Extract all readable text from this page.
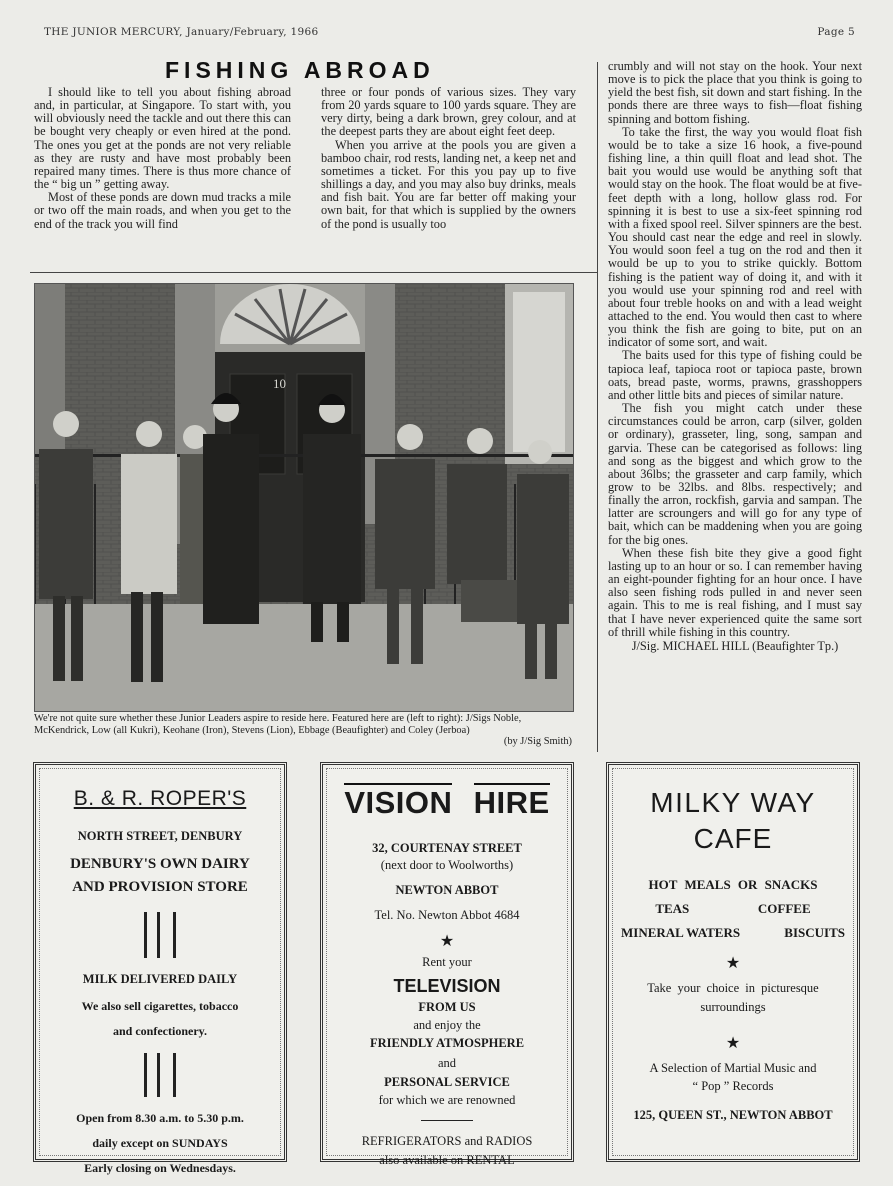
THE JUNIOR MERCURY, January/February, 1966	Page 5
FISHING ABROAD

I should like to tell you about fishing abroad and, in particular, at Singapore. To start with, you will obviously need the tackle and out there this can be bought very cheaply or even hired at the pond. The ones you get at the ponds are not very reliable as they are rusty and have most probably been repaired many times. There is thus more chance of the “ big un ” getting away.

Most of these ponds are down mud tracks a mile or two off the main roads, and when you get to the end of the track you will find

three or four ponds of various sizes. They vary from 20 yards square to 100 yards square. They are very dirty, being a dark brown, grey colour, and at the deepest parts they are about eight feet deep.

When you arrive at the pools you are given a bamboo chair, rod rests, landing net, a keep net and sometimes a ticket. For this you pay up to five shillings a day, and you may also buy drinks, meals and fish bait. You are far better off making your own bait, for that which is supplied by the owners of the pond is usually too

crumbly and will not stay on the hook. Your next move is to pick the place that you think is going to yield the best fish, sit down and start fishing. In the ponds there are three ways to fish—float fishing spinning and bottom fishing.

To take the first, the way you would float fish would be to take a size 16 hook, a five-pound fishing line, a thin quill float and lead shot. The bait you would use would be anything soft that would stay on the hook. The float would be at five-feet depth with a long, hollow glass rod. For spinning it is best to use a six-feet spinning rod with a fixed spool reel. Silver spinners are the best. You should cast near the edge and reel in slowly. You would soon feel a tug on the rod and then it would be up to you to strike quickly. Bottom fishing is the patient way of doing it, and with it you would use your spinning rod and reel with about four treble hooks on and with a lead weight attached to the end. You would then cast to where you think the fish are going to bite, put on an indicator of some sort, and wait.

The baits used for this type of fishing could be tapioca leaf, tapioca root or tapioca paste, brown oats, bread paste, worms, prawns, grasshoppers and other little bits and pieces of similar nature.

The fish you might catch under these circumstances could be arron, carp (silver, golden or ordinary), grasseter, ling, song, sampan and garvia. These can be categorised as follows: ling and song as the biggest and which grow to the about 36lbs; the grasseter and carp family, which grow to be 32lbs. and 8lbs. respectively; and finally the arron, rockfish, garvia and sampan. The latter are scroungers and will go for any type of bait, which can be maddening when you are going for the big ones.

When these fish bite they give a good fight lasting up to an hour or so. I can remember having an eight-pounder fighting for an hour once. I have also seen fishing rods pulled in and never seen again. This to me is real fishing, and I must say that I have never experienced quite the same sort of thrill while fishing in this country.

J/Sig. MICHAEL HILL (Beaufighter Tp.)
10
We're not quite sure whether these Junior Leaders aspire to reside here. Featured here are (left to right): J/Sigs Noble, McKendrick, Low (all Kukri), Keohane (Iron), Stevens (Lion), Ebbage (Beaufighter) and Coley (Jerboa)
(by J/Sig Smith)
B. & R. ROPER'S
NORTH STREET, DENBURY
DENBURY'S OWN DAIRY
AND PROVISION STORE
MILK DELIVERED DAILY
We also sell cigarettes, tobacco
and confectionery.
Open from 8.30 a.m. to 5.30 p.m.
daily except on SUNDAYS
Early closing on Wednesdays.
VISION HIRE
32, COURTENAY STREET
(next door to Woolworths)
NEWTON ABBOT
Tel. No. Newton Abbot 4684
★
Rent your
TELEVISION
FROM US
and enjoy the
FRIENDLY ATMOSPHERE
and
PERSONAL SERVICE
for which we are renowned
REFRIGERATORS and RADIOS
also available on RENTAL
MILKY WAY
CAFE
HOT MEALS OR SNACKS
TEAS	COFFEE
MINERAL WATERS	BISCUITS
★
Take your choice in picturesque
surroundings
★
A Selection of Martial Music and
“ Pop ” Records
125, QUEEN ST., NEWTON ABBOT
